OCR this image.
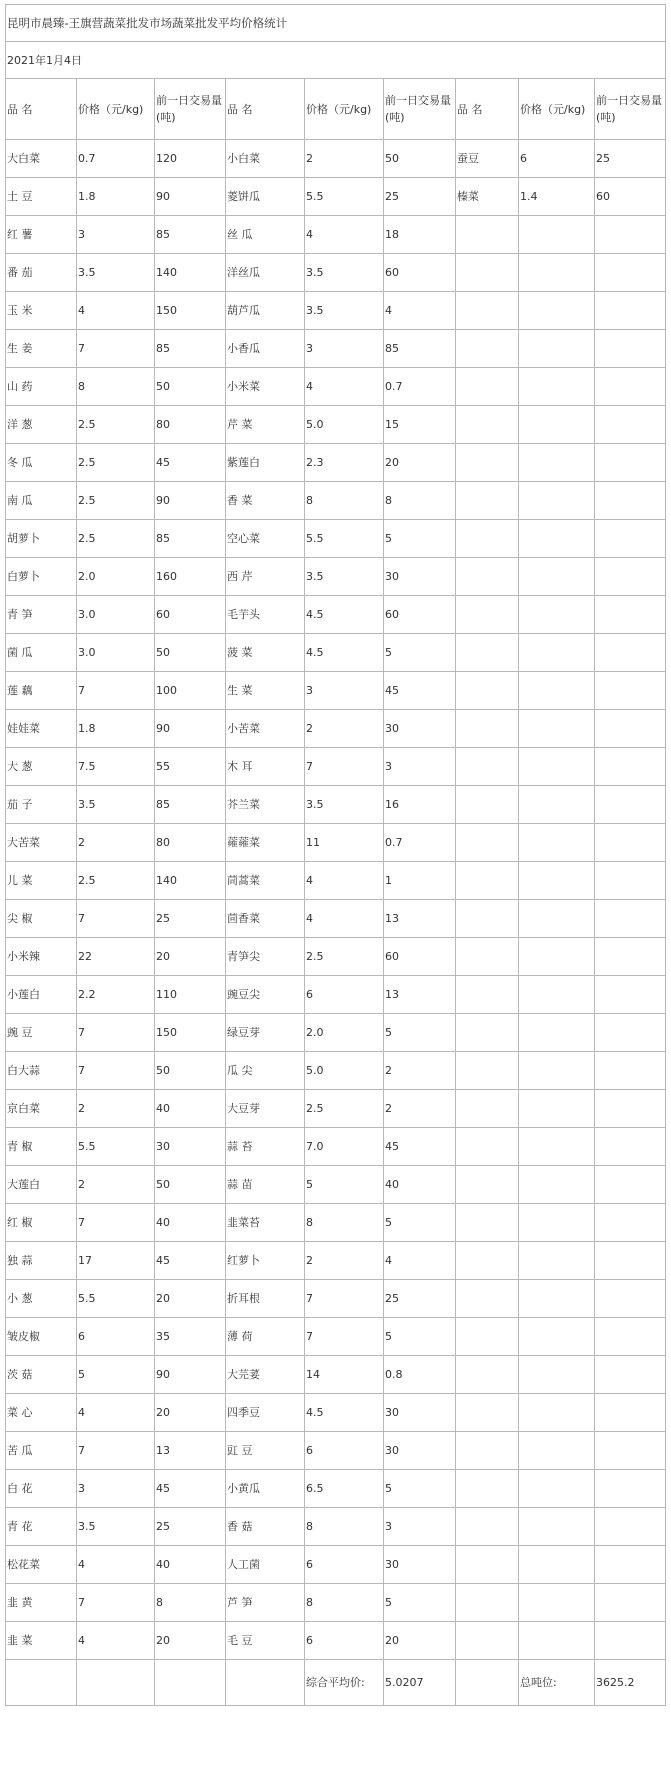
昆明市晨臻-王旗营蔬菜批发市场蔬菜批发平均价格统计								
2021年1月4日								
品 名	价格（元/kg)	前一日交易量(吨)	品 名	价格（元/kg)	前一日交易量(吨)	品 名	价格（元/kg)	前一日交易量(吨)
大白菜	0.7	120	小白菜	2	50	蚕豆	6	25
土 豆	1.8	90	菱饼瓜	5.5	25	榛菜	1.4	60
红 薯	3	85	丝 瓜	4	18			
番 茄	3.5	140	洋丝瓜	3.5	60			
玉 米	4	150	葫芦瓜	3.5	4			
生 姜	7	85	小香瓜	3	85			
山 药	8	50	小米菜	4	0.7			
洋 葱	2.5	80	芹 菜	5.0	15			
冬 瓜	2.5	45	紫莲白	2.3	20			
南 瓜	2.5	90	香 菜	8	8			
胡萝卜	2.5	85	空心菜	5.5	5			
白萝卜	2.0	160	西 芹	3.5	30			
青 笋	3.0	60	毛芋头	4.5	60			
菌 瓜	3.0	50	菠 菜	4.5	5			
莲 藕	7	100	生 菜	3	45			
娃娃菜	1.8	90	小苦菜	2	30			
大 葱	7.5	55	木 耳	7	3			
茄 子	3.5	85	芥兰菜	3.5	16			
大苦菜	2	80	蕹蕹菜	11	0.7			
儿 菜	2.5	140	茼蒿菜	4	1			
尖 椒	7	25	茴香菜	4	13			
小米辣	22	20	青笋尖	2.5	60			
小莲白	2.2	110	豌豆尖	6	13			
豌 豆	7	150	绿豆芽	2.0	5			
白大蒜	7	50	瓜 尖	5.0	2			
京白菜	2	40	大豆芽	2.5	2			
青 椒	5.5	30	蒜 苔	7.0	45			
大莲白	2	50	蒜 苗	5	40			
红 椒	7	40	韭菜苔	8	5			
独 蒜	17	45	红萝卜	2	4			
小 葱	5.5	20	折耳根	7	25			
皱皮椒	6	35	薄 荷	7	5			
茨 菇	5	90	大芫荽	14	0.8			
菜 心	4	20	四季豆	4.5	30			
苦 瓜	7	13	豇 豆	6	30			
白 花	3	45	小黄瓜	6.5	5			
青 花	3.5	25	香 菇	8	3			
松花菜	4	40	人工菌	6	30			
韭 黄	7	8	芦 笋	8	5			
韭 菜	4	20	毛 豆	6	20			
				综合平均价:	5.0207		总吨位:	3625.2
